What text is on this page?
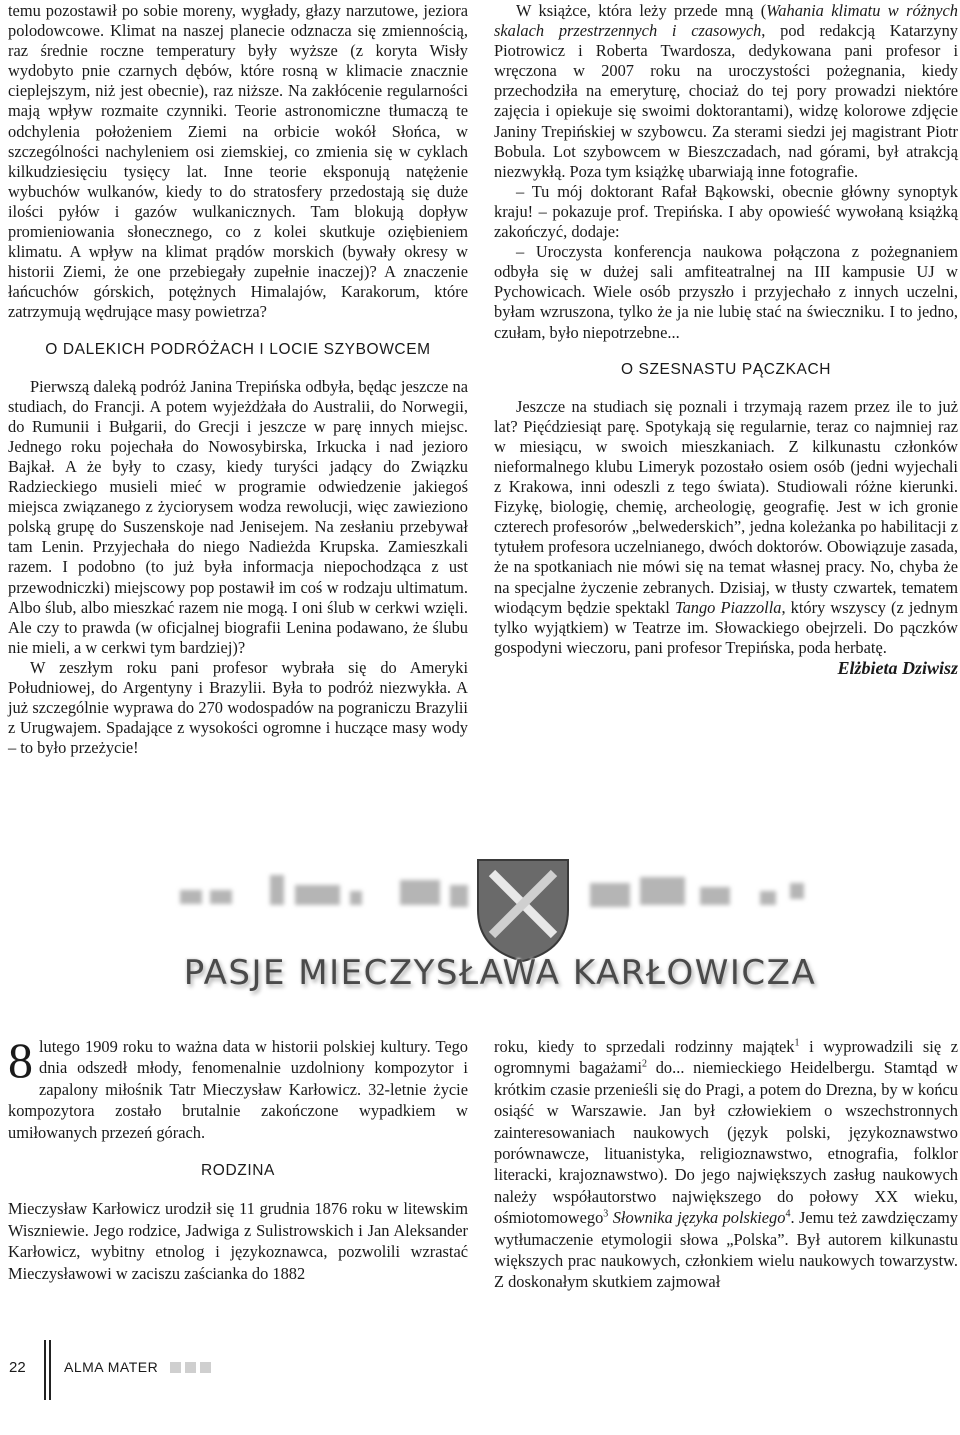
temu pozostawił po sobie moreny, wygłady, głazy narzutowe, jeziora polodowcowe. Klimat na naszej planecie odznacza się zmiennością, raz średnie roczne temperatury były wyższe (z koryta Wisły wydobyto pnie czarnych dębów, które rosną w klimacie znacznie cieplejszym, niż jest obecnie), raz niższe. Na zakłócenie regularności mają wpływ rozmaite czynniki. Teorie astronomiczne tłumaczą te odchylenia położeniem Ziemi na orbicie wokół Słońca, w szczególności nachyleniem osi ziemskiej, co zmienia się w cyklach kilkudziesięciu tysięcy lat. Inne teorie eksponują natężenie wybuchów wulkanów, kiedy to do stratosfery przedostają się duże ilości pyłów i gazów wulkanicznych. Tam blokują dopływ promieniowania słonecznego, co z kolei skutkuje oziębieniem klimatu. A wpływ na klimat prądów morskich (bywały okresy w historii Ziemi, że one przebiegały zupełnie inaczej)? A znaczenie łańcuchów górskich, potężnych Himalajów, Karakorum, które zatrzymują wędrujące masy powietrza?

O DALEKICH PODRÓŻACH I LOCIE SZYBOWCEM

Pierwszą daleką podróż Janina Trepińska odbyła, będąc jeszcze na studiach, do Francji. A potem wyjeżdżała do Australii, do Norwegii, do Rumunii i Bułgarii, do Grecji i jeszcze w parę innych miejsc. Jednego roku pojechała do Nowosybirska, Irkucka i nad jezioro Bajkał. A że były to czasy, kiedy turyści jadący do Związku Radzieckiego musieli mieć w programie odwiedzenie jakiegoś miejsca związanego z życiorysem wodza rewolucji, więc zawieziono polską grupę do Suszenskoje nad Jenisejem. Na zesłaniu przebywał tam Lenin. Przyjechała do niego Nadieżda Krupska. Zamieszkali razem. I podobno (to już była informacja niepochodząca z ust przewodniczki) miejscowy pop postawił im coś w rodzaju ultimatum. Albo ślub, albo mieszkać razem nie mogą. I oni ślub w cerkwi wzięli. Ale czy to prawda (w oficjalnej biografii Lenina podawano, że ślubu nie mieli, a w cerkwi tym bardziej)?

W zeszłym roku pani profesor wybrała się do Ameryki Południowej, do Argentyny i Brazylii. Była to podróż niezwykła. A już szczególnie wyprawa do 270 wodospadów na pograniczu Brazylii z Urugwajem. Spadające z wysokości ogromne i huczące masy wody – to było przeżycie!

W książce, która leży przede mną (Wahania klimatu w różnych skalach przestrzennych i czasowych, pod redakcją Katarzyny Piotrowicz i Roberta Twardosza, dedykowana pani profesor i wręczona w 2007 roku na uroczystości pożegnania, kiedy przechodziła na emeryturę, chociaż do tej pory prowadzi niektóre zajęcia i opiekuje się swoimi doktorantami), widzę kolorowe zdjęcie Janiny Trepińskiej w szybowcu. Za sterami siedzi jej magistrant Piotr Bobula. Lot szybowcem w Bieszczadach, nad górami, był atrakcją niezwykłą. Poza tym książkę ubarwiają inne fotografie.

– Tu mój doktorant Rafał Bąkowski, obecnie główny synoptyk kraju! – pokazuje prof. Trepińska. I aby opowieść wywołaną książką zakończyć, dodaje:

– Uroczysta konferencja naukowa połączona z pożegnaniem odbyła się w dużej sali amfiteatralnej na III kampusie UJ w Pychowicach. Wiele osób przyszło i przyjechało z innych uczelni, byłam wzruszona, tylko że ja nie lubię stać na świeczniku. I to jedno, czułam, było niepotrzebne...

O SZESNASTU PĄCZKACH

Jeszcze na studiach się poznali i trzymają razem przez ile to już lat? Pięćdziesiąt parę. Spotykają się regularnie, teraz co najmniej raz w miesiącu, w swoich mieszkaniach. Z kilkunastu członków nieformalnego klubu Limeryk pozostało osiem osób (jedni wyjechali z Krakowa, inni odeszli z tego świata). Studiowali różne kierunki. Fizykę, biologię, chemię, archeologię, geografię. Jest w ich gronie czterech profesorów „belwederskich”, jedna koleżanka po habilitacji z tytułem profesora uczelnianego, dwóch doktorów. Obowiązuje zasada, że na spotkaniach nie mówi się na temat własnej pracy. No, chyba że na specjalne życzenie zebranych. Dzisiaj, w tłusty czwartek, tematem wiodącym będzie spektakl Tango Piazzolla, który wszyscy (z jednym tylko wyjątkiem) w Teatrze im. Słowackiego obejrzeli. Do pączków gospodyni wieczoru, pani profesor Trepińska, poda herbatę.

Elżbieta Dziwisz

PASJE MIECZYSŁAWA KARŁOWICZA

8 lutego 1909 roku to ważna data w historii polskiej kultury. Tego dnia odszedł młody, fenomenalnie uzdolniony kompozytor i zapalony miłośnik Tatr Mieczysław Karłowicz. 32-letnie życie kompozytora zostało brutalnie zakończone wypadkiem w umiłowanych przezeń górach.

RODZINA

Mieczysław Karłowicz urodził się 11 grudnia 1876 roku w litewskim Wiszniewie. Jego rodzice, Jadwiga z Sulistrowskich i Jan Aleksander Karłowicz, wybitny etnolog i językoznawca, pozwolili wzrastać Mieczysławowi w zaciszu zaścianka do 1882

roku, kiedy to sprzedali rodzinny majątek$^1$ i wyprowadzili się z ogromnymi bagażami$^2$ do... niemieckiego Heidelbergu. Stamtąd w krótkim czasie przenieśli się do Pragi, a potem do Drezna, by w końcu osiąść w Warszawie. Jan był człowiekiem o wszechstronnych zainteresowaniach naukowych (język polski, językoznawstwo porównawcze, lituanistyka, religioznawstwo, etnografia, folklor literacki, krajoznawstwo). Do jego największych zasług naukowych należy współautorstwo największego do połowy XX wieku, ośmiotomowego$^3$ Słownika języka polskiego$^4$. Jemu też zawdzięczamy wytłumaczenie etymologii słowa „Polska”. Był autorem kilkunastu większych prac naukowych, członkiem wielu naukowych towarzystw. Z doskonałym skutkiem zajmował

22	ALMA MATER
